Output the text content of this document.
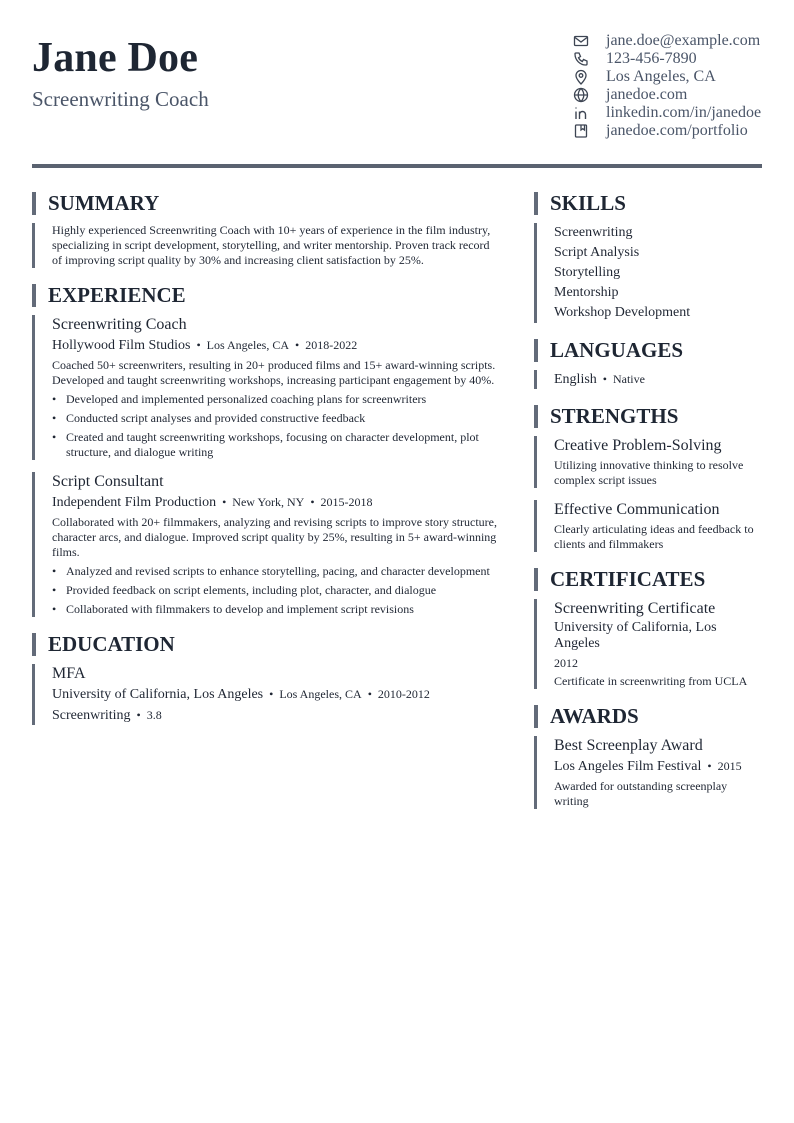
Jane Doe
Screenwriting Coach
jane.doe@example.com
123-456-7890
Los Angeles, CA
janedoe.com
linkedin.com/in/janedoe
janedoe.com/portfolio
SUMMARY
Highly experienced Screenwriting Coach with 10+ years of experience in the film industry, specializing in script development, storytelling, and writer mentorship. Proven track record of improving script quality by 30% and increasing client satisfaction by 25%.
EXPERIENCE
Screenwriting Coach
Hollywood Film Studios • Los Angeles, CA • 2018-2022
Coached 50+ screenwriters, resulting in 20+ produced films and 15+ award-winning scripts. Developed and taught screenwriting workshops, increasing participant engagement by 40%.
• Developed and implemented personalized coaching plans for screenwriters
• Conducted script analyses and provided constructive feedback
• Created and taught screenwriting workshops, focusing on character development, plot structure, and dialogue writing
Script Consultant
Independent Film Production • New York, NY • 2015-2018
Collaborated with 20+ filmmakers, analyzing and revising scripts to improve story structure, character arcs, and dialogue. Improved script quality by 25%, resulting in 5+ award-winning films.
• Analyzed and revised scripts to enhance storytelling, pacing, and character development
• Provided feedback on script elements, including plot, character, and dialogue
• Collaborated with filmmakers to develop and implement script revisions
EDUCATION
MFA
University of California, Los Angeles • Los Angeles, CA • 2010-2012
Screenwriting • 3.8
SKILLS
Screenwriting
Script Analysis
Storytelling
Mentorship
Workshop Development
LANGUAGES
English • Native
STRENGTHS
Creative Problem-Solving
Utilizing innovative thinking to resolve complex script issues
Effective Communication
Clearly articulating ideas and feedback to clients and filmmakers
CERTIFICATES
Screenwriting Certificate
University of California, Los Angeles
2012
Certificate in screenwriting from UCLA
AWARDS
Best Screenplay Award
Los Angeles Film Festival • 2015
Awarded for outstanding screenplay writing
